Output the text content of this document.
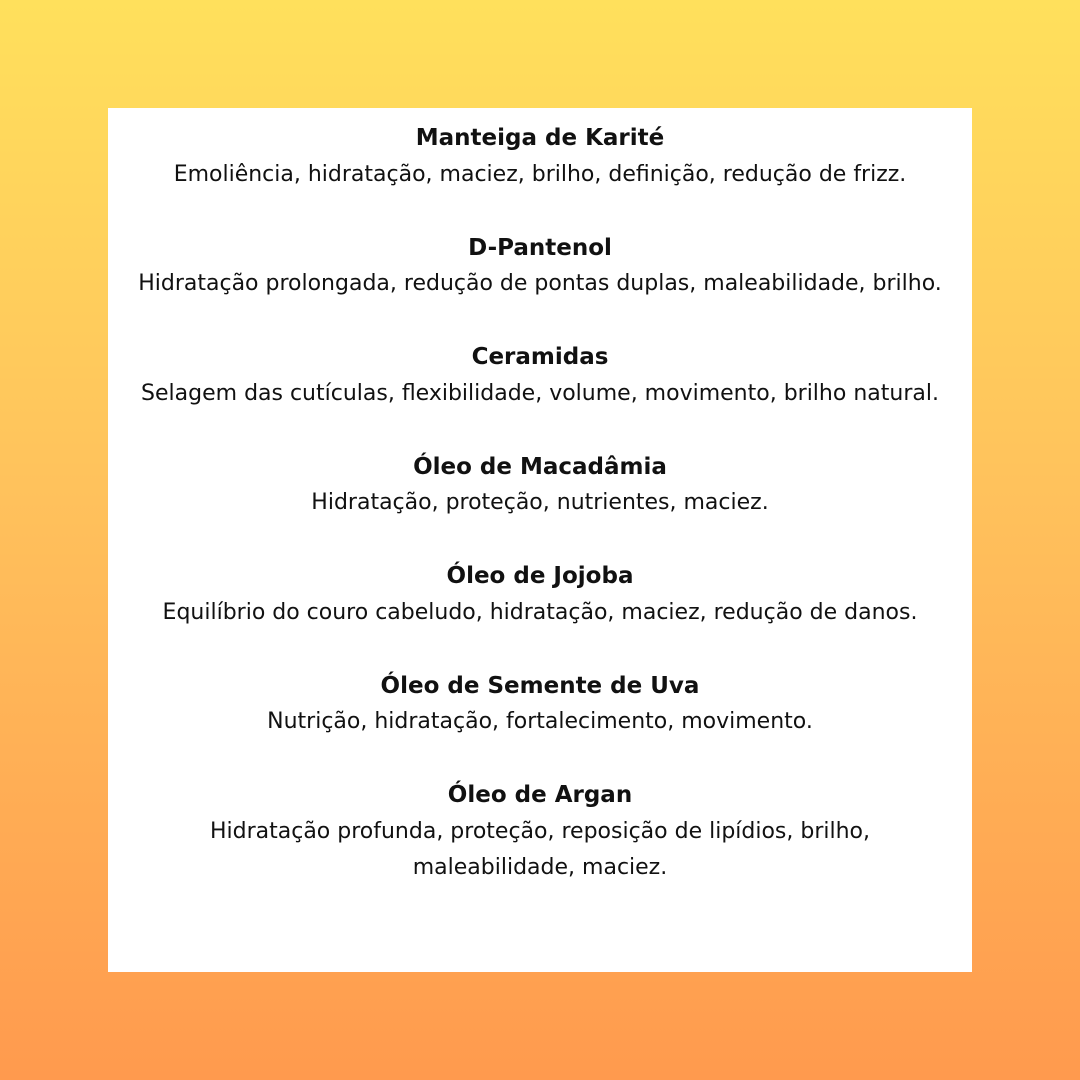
Manteiga de Karité

Emoliência, hidratação, maciez, brilho, definição, redução de frizz.

D-Pantenol

Hidratação prolongada, redução de pontas duplas, maleabilidade, brilho.

Ceramidas

Selagem das cutículas, flexibilidade, volume, movimento, brilho natural.

Óleo de Macadâmia

Hidratação, proteção, nutrientes, maciez.

Óleo de Jojoba

Equilíbrio do couro cabeludo, hidratação, maciez, redução de danos.

Óleo de Semente de Uva

Nutrição, hidratação, fortalecimento, movimento.

Óleo de Argan

Hidratação profunda, proteção, reposição de lipídios, brilho, maleabilidade, maciez.
